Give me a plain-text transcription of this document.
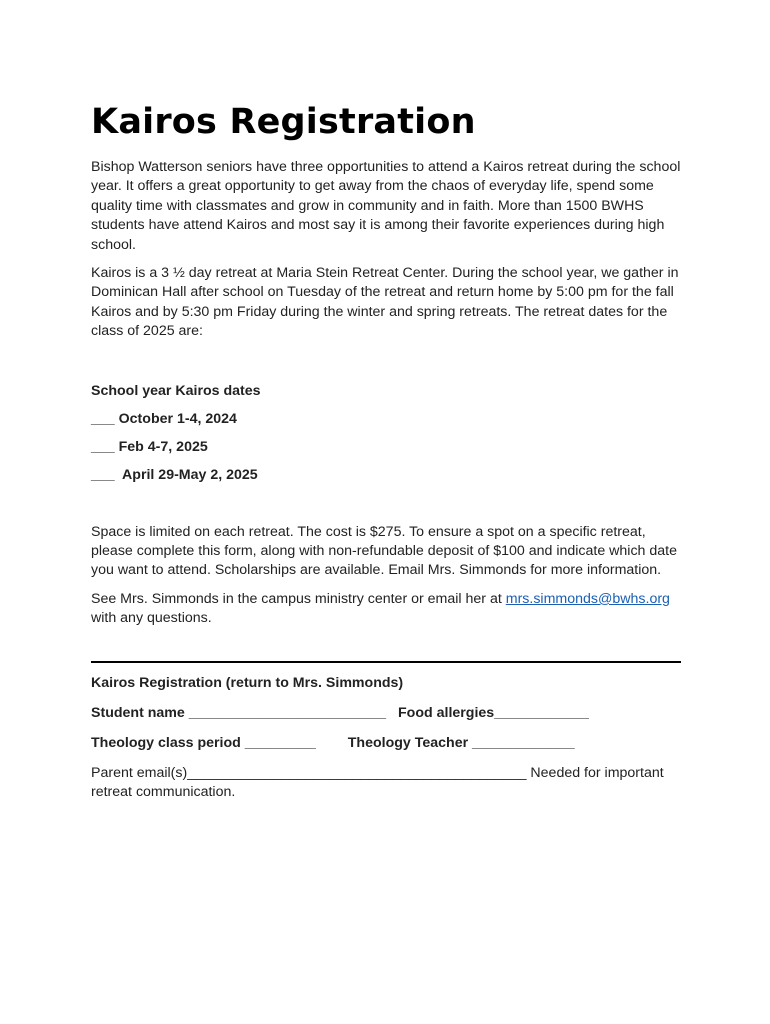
Kairos Registration

Bishop Watterson seniors have three opportunities to attend a Kairos retreat during the school year. It offers a great opportunity to get away from the chaos of everyday life, spend some quality time with classmates and grow in community and in faith. More than 1500 BWHS students have attend Kairos and most say it is among their favorite experiences during high school.

Kairos is a 3 ½ day retreat at Maria Stein Retreat Center. During the school year, we gather in Dominican Hall after school on Tuesday of the retreat and return home by 5:00 pm for the fall Kairos and by 5:30 pm Friday during the winter and spring retreats. The retreat dates for the class of 2025 are:

School year Kairos dates
___ October 1-4, 2024
___ Feb 4-7, 2025
___  April 29-May 2, 2025

Space is limited on each retreat. The cost is $275. To ensure a spot on a specific retreat, please complete this form, along with non-refundable deposit of $100 and indicate which date you want to attend. Scholarships are available. Email Mrs. Simmonds for more information.

See Mrs. Simmonds in the campus ministry center or email her at mrs.simmonds@bwhs.org with any questions.

Kairos Registration (return to Mrs. Simmonds)
Student name _________________________ Food allergies____________
Theology class period _________ Theology Teacher _____________
Parent email(s)___________________________________________ Needed for important retreat communication.
